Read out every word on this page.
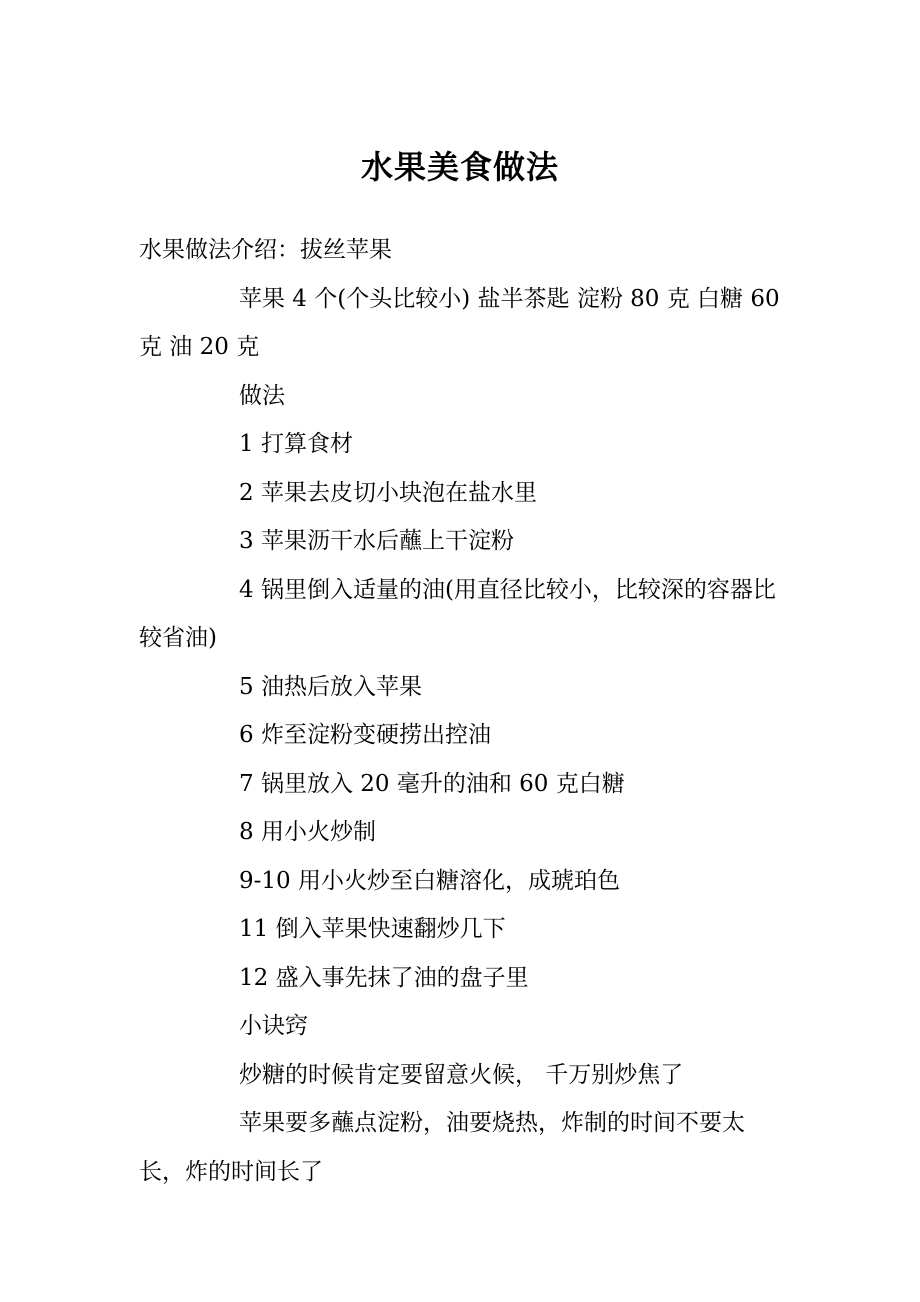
水果美食做法

水果做法介绍：拔丝苹果

苹果 4 个(个头比较小) 盐半茶匙 淀粉 80 克 白糖 60 克 油 20 克

做法

1 打算食材

2 苹果去皮切小块泡在盐水里

3 苹果沥干水后蘸上干淀粉

4 锅里倒入适量的油(用直径比较小，比较深的容器比较省油)

5 油热后放入苹果

6 炸至淀粉变硬捞出控油

7 锅里放入 20 毫升的油和 60 克白糖

8 用小火炒制

9-10 用小火炒至白糖溶化，成琥珀色

11 倒入苹果快速翻炒几下

12 盛入事先抹了油的盘子里

小诀窍

炒糖的时候肯定要留意火候， 千万别炒焦了

苹果要多蘸点淀粉，油要烧热，炸制的时间不要太长，炸的时间长了
